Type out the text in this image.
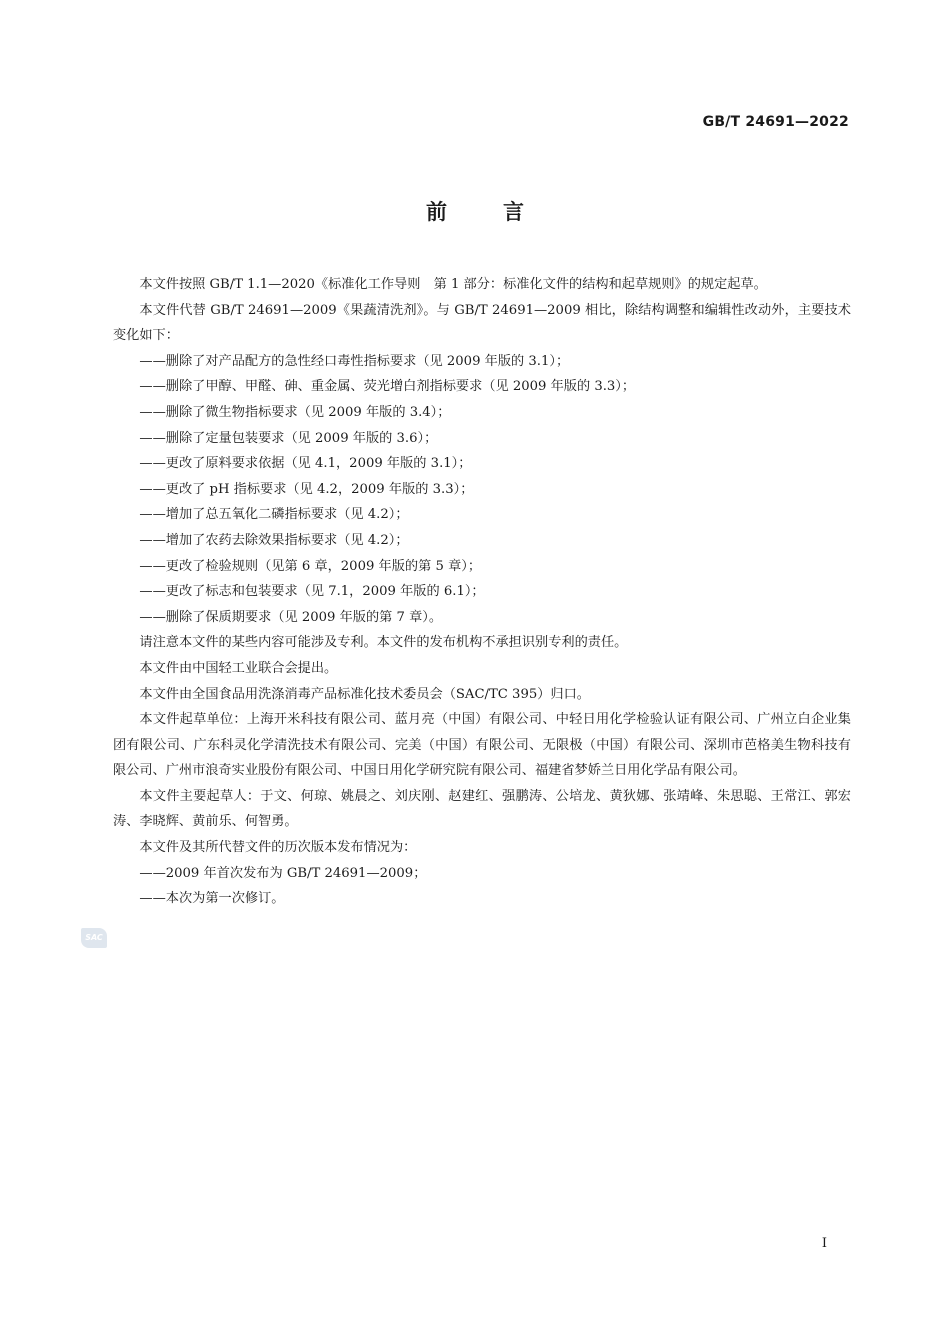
GB/T 24691—2022
前言

本文件按照 GB/T 1.1—2020《标准化工作导则　第 1 部分：标准化文件的结构和起草规则》的规定起草。

本文件代替 GB/T 24691—2009《果蔬清洗剂》。与 GB/T 24691—2009 相比，除结构调整和编辑性改动外，主要技术变化如下：

——删除了对产品配方的急性经口毒性指标要求（见 2009 年版的 3.1）；

——删除了甲醇、甲醛、砷、重金属、荧光增白剂指标要求（见 2009 年版的 3.3）；

——删除了微生物指标要求（见 2009 年版的 3.4）；

——删除了定量包装要求（见 2009 年版的 3.6）；

——更改了原料要求依据（见 4.1，2009 年版的 3.1）；

——更改了 pH 指标要求（见 4.2，2009 年版的 3.3）；

——增加了总五氧化二磷指标要求（见 4.2）；

——增加了农药去除效果指标要求（见 4.2）；

——更改了检验规则（见第 6 章，2009 年版的第 5 章）；

——更改了标志和包装要求（见 7.1，2009 年版的 6.1）；

——删除了保质期要求（见 2009 年版的第 7 章）。

请注意本文件的某些内容可能涉及专利。本文件的发布机构不承担识别专利的责任。

本文件由中国轻工业联合会提出。

本文件由全国食品用洗涤消毒产品标准化技术委员会（SAC/TC 395）归口。

本文件起草单位：上海开米科技有限公司、蓝月亮（中国）有限公司、中轻日用化学检验认证有限公司、广州立白企业集团有限公司、广东科灵化学清洗技术有限公司、完美（中国）有限公司、无限极（中国）有限公司、深圳市芭格美生物科技有限公司、广州市浪奇实业股份有限公司、中国日用化学研究院有限公司、福建省梦娇兰日用化学品有限公司。

本文件主要起草人：于文、何琼、姚晨之、刘庆刚、赵建红、强鹏涛、公培龙、黄狄娜、张靖峰、朱思聪、王常江、郭宏涛、李晓辉、黄前乐、何智勇。

本文件及其所代替文件的历次版本发布情况为：

——2009 年首次发布为 GB/T 24691—2009；

——本次为第一次修订。

SAC
I
